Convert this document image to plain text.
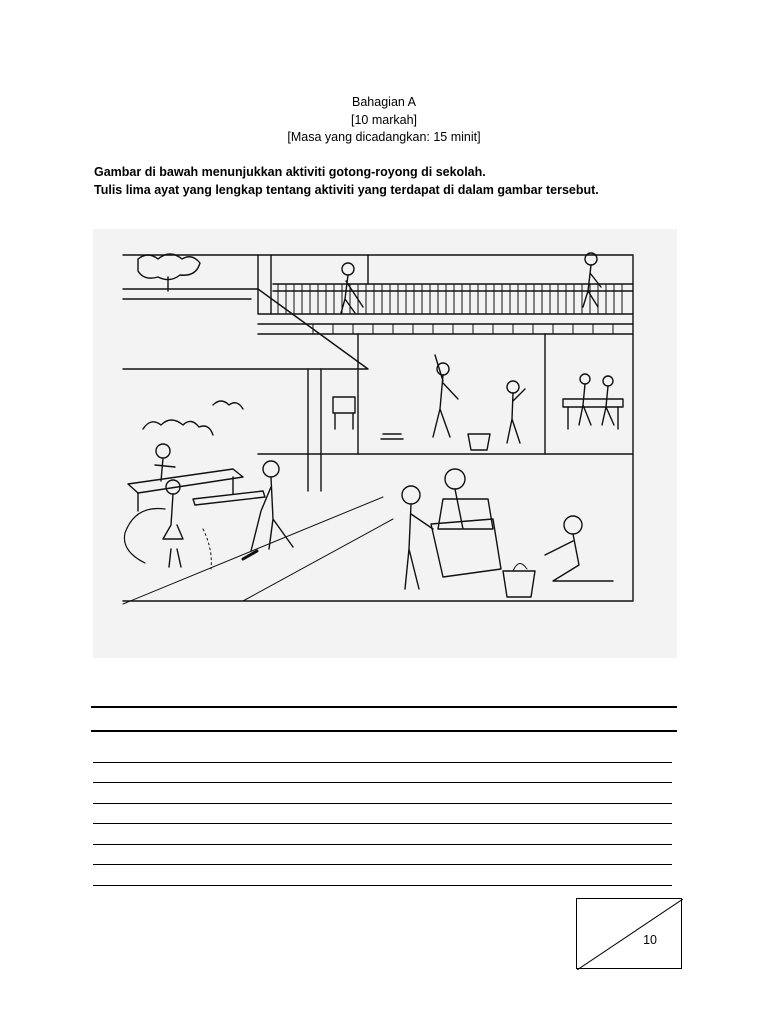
Bahagian A
[10 markah]
[Masa yang dicadangkan: 15 minit]
Gambar di bawah menunjukkan aktiviti gotong-royong di sekolah.
Tulis lima ayat yang lengkap tentang aktiviti yang terdapat di dalam gambar tersebut.
10
